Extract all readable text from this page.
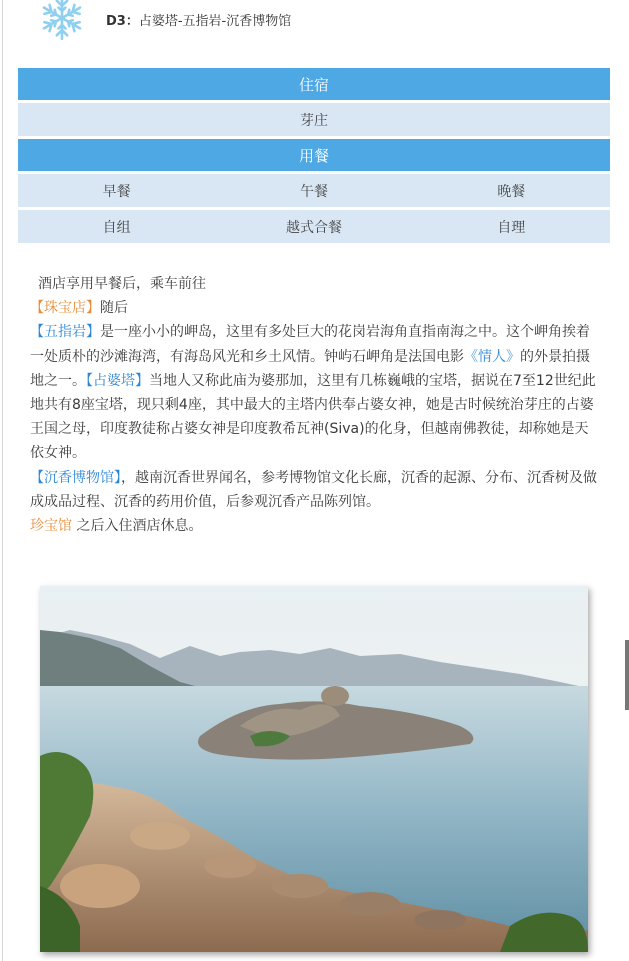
D3：占婆塔-五指岩-沉香博物馆
住宿
芽庄
用餐
早餐	午餐	晚餐
自组	越式合餐	自理

酒店享用早餐后，乘车前往

【珠宝店】随后

【五指岩】是一座小小的岬岛，这里有多处巨大的花岗岩海角直指南海之中。这个岬角挨着一处质朴的沙滩海湾，有海岛风光和乡土风情。钟屿石岬角是法国电影《情人》的外景拍摄地之一。【占婆塔】当地人又称此庙为婆那加，这里有几栋巍峨的宝塔，据说在7至12世纪此地共有8座宝塔，现只剩4座，其中最大的主塔内供奉占婆女神，她是古时候统治芽庄的占婆王国之母，印度教徒称占婆女神是印度教希瓦神(Siva)的化身，但越南佛教徒，却称她是天依女神。

【沉香博物馆】，越南沉香世界闻名，参考博物馆文化长廊，沉香的起源、分布、沉香树及做成成品过程、沉香的药用价值，后参观沉香产品陈列馆。

珍宝馆 之后入住酒店休息。
